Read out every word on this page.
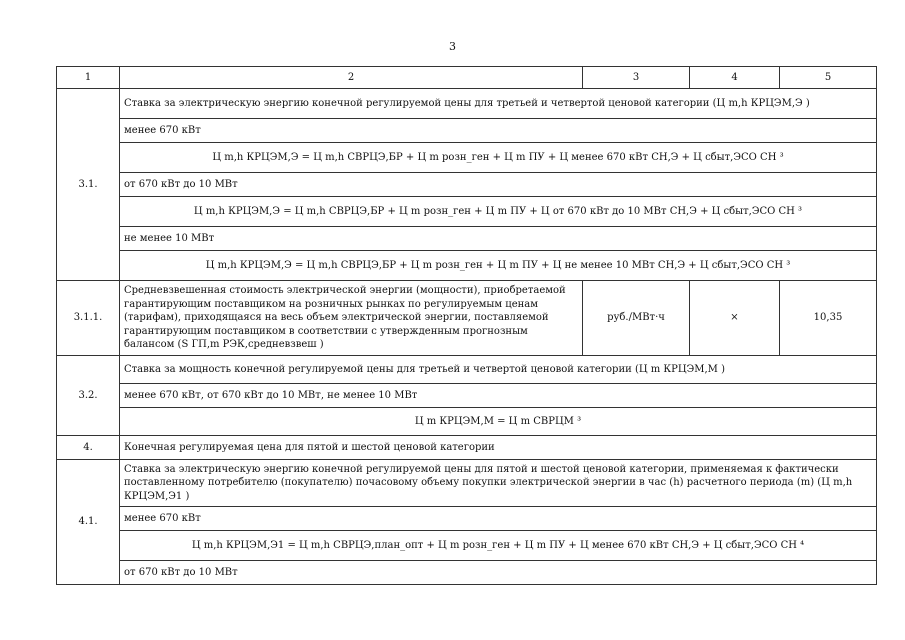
3
1	2	3	4	5
3.1.	Ставка за электрическую энергию конечной регулируемой цены для третьей и четвертой ценовой категории (Ц m,h КРЦЭМ,Э )			
	менее 670 кВт			
	Ц m,h КРЦЭМ,Э = Ц m,h СВРЦЭ,БР + Ц m розн_ген + Ц m ПУ + Ц менее 670 кВт СН,Э + Ц сбыт,ЭСО СН ³			
	от 670 кВт до 10 МВт			
	Ц m,h КРЦЭМ,Э = Ц m,h СВРЦЭ,БР + Ц m розн_ген + Ц m ПУ + Ц от 670 кВт до 10 МВт СН,Э + Ц сбыт,ЭСО СН ³			
	не менее 10 МВт			
	Ц m,h КРЦЭМ,Э = Ц m,h СВРЦЭ,БР + Ц m розн_ген + Ц m ПУ + Ц не менее 10 МВт СН,Э + Ц сбыт,ЭСО СН ³			
3.1.1.	Средневзвешенная стоимость электрической энергии (мощности), приобретаемой гарантирующим поставщиком на розничных рынках по регулируемым ценам (тарифам), приходящаяся на весь объем электрической энергии, поставляемой гарантирующим поставщиком в соответствии с утвержденным прогнозным балансом (S ГП,m РЭК,средневзвеш )	руб./МВт·ч	×	10,35
3.2.	Ставка за мощность конечной регулируемой цены для третьей и четвертой ценовой категории (Ц m КРЦЭМ,М )			
	менее 670 кВт, от 670 кВт до 10 МВт, не менее 10 МВт			
	Ц m КРЦЭМ,М = Ц m СВРЦМ ³			
4.	Конечная регулируемая цена для пятой и шестой ценовой категории			
4.1.	Ставка за электрическую энергию конечной регулируемой цены для пятой и шестой ценовой категории, применяемая к фактически поставленному потребителю (покупателю) почасовому объему покупки электрической энергии в час (h) расчетного периода (m) (Ц m,h КРЦЭМ,Э1 )			
	менее 670 кВт			
	Ц m,h КРЦЭМ,Э1 = Ц m,h СВРЦЭ,план_опт + Ц m розн_ген + Ц m ПУ + Ц менее 670 кВт СН,Э + Ц сбыт,ЭСО СН ⁴			
	от 670 кВт до 10 МВт			
